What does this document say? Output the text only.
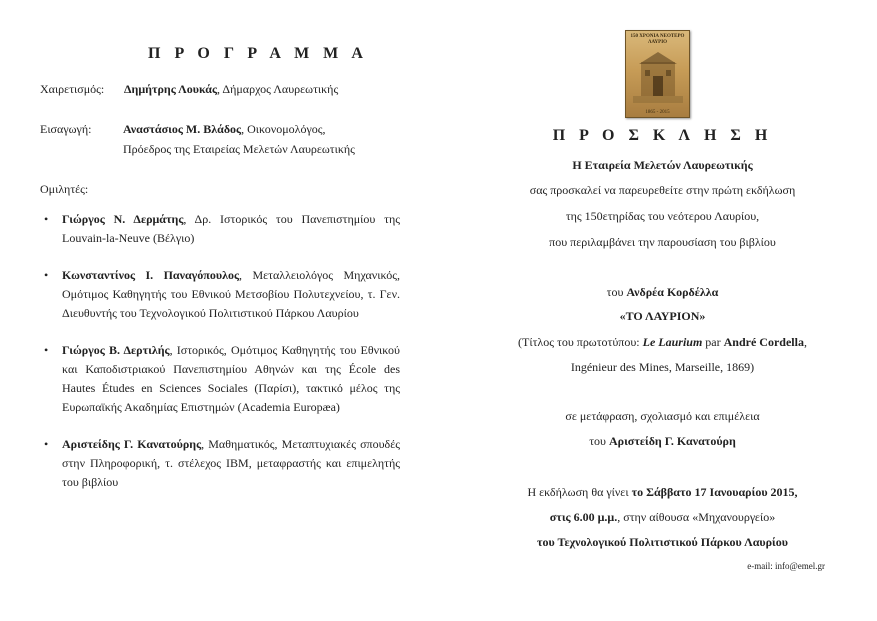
Π Ρ Ο Γ Ρ Α Μ Μ Α
Χαιρετισμός: Δημήτρης Λουκάς, Δήμαρχος Λαυρεωτικής
Εισαγωγή:	Αναστάσιος Μ. Βλάδος, Οικονομολόγος,
Πρόεδρος της Εταιρείας Μελετών Λαυρεωτικής
Ομιλητές:
• Γιώργος Ν. Δερμάτης, Δρ. Ιστορικός του Πανεπιστημίου της Louvain-la-Neuve (Βέλγιο)
• Κωνσταντίνος Ι. Παναγόπουλος, Μεταλλειολόγος Μηχανικός, Ομότιμος Καθηγητής του Εθνικού Μετσοβίου Πολυτεχνείου, τ. Γεν. Διευθυντής του Τεχνολογικού Πολιτιστικού Πάρκου Λαυρίου
• Γιώργος Β. Δερτιλής, Ιστορικός, Ομότιμος Καθηγητής του Εθνικού και Καποδιστριακού Πανεπιστημίου Αθηνών και της École des Hautes Études en Sciences Sociales (Παρίσι), τακτικό μέλος της Ευρωπαϊκής Ακαδημίας Επιστημών (Academia Europæa)
• Αριστείδης Γ. Κανατούρης, Μαθηματικός, Μεταπτυχιακές σπουδές στην Πληροφορική, τ. στέλεχος IBM, μεταφραστής και επιμελητής του βιβλίου
150 ΧΡΟΝΙΑ ΝΕΟΤΕΡΟ ΛΑΥΡΙΟ
1865 - 2015
Π Ρ Ο Σ Κ Λ Η Σ Η
Η Εταιρεία Μελετών Λαυρεωτικής
σας προσκαλεί να παρευρεθείτε στην πρώτη εκδήλωση
της 150ετηρίδας του νεότερου Λαυρίου,
που περιλαμβάνει την παρουσίαση του βιβλίου
του Ανδρέα Κορδέλλα
«ΤΟ ΛΑΥΡΙΟΝ»
(Τίτλος του πρωτοτύπου: Le Laurium par André Cordella,
Ingénieur des Mines, Marseille, 1869)
σε μετάφραση, σχολιασμό και επιμέλεια
του Αριστείδη Γ. Κανατούρη
Η εκδήλωση θα γίνει το Σάββατο 17 Ιανουαρίου 2015,
στις 6.00 μ.μ., στην αίθουσα «Μηχανουργείο»
του Τεχνολογικού Πολιτιστικού Πάρκου Λαυρίου
e-mail: info@emel.gr
